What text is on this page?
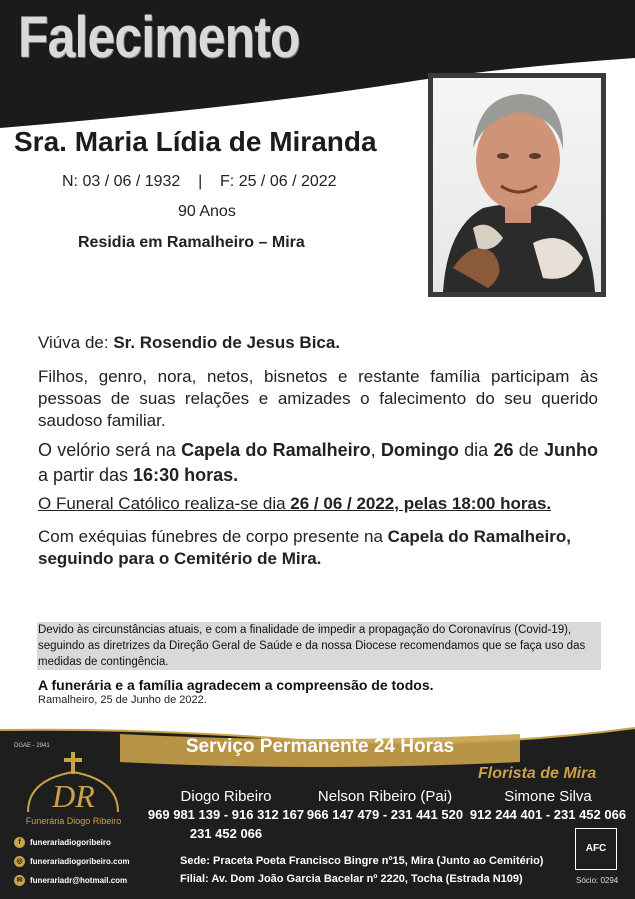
Falecimento
Sra. Maria Lídia de Miranda
N: 03 / 06 / 1932    |    F: 25 / 06 / 2022
90 Anos
Residia em Ramalheiro – Mira
Viúva de: Sr. Rosendio de Jesus Bica.
Filhos, genro, nora, netos, bisnetos e restante família participam às pessoas de suas relações e amizades o falecimento do seu querido saudoso familiar.
O velório será na Capela do Ramalheiro, Domingo dia 26 de Junho a partir das 16:30 horas.
O Funeral Católico realiza-se dia 26 / 06 / 2022, pelas 18:00 horas.
Com exéquias fúnebres de corpo presente na Capela do Ramalheiro,
seguindo para o Cemitério de Mira.
Devido às circunstâncias atuais, e com a finalidade de impedir a propagação do Coronavírus (Covid-19), seguindo as diretrizes da Direção Geral de Saúde e da nossa Diocese recomendamos que se faça uso das medidas de contingência.
A funerária e a família agradecem a compreensão de todos.
Ramalheiro, 25 de Junho de 2022.
DGAE - 2941	Serviço Permanente 24 Horas
DR
Funerária Diogo Ribeiro
Florista de Mira
Diogo Ribeiro
969 981 139 - 916 312 167
231 452 066
Nelson Ribeiro (Pai)
966 147 479 - 231 441 520
Simone Silva
912 244 401 - 231 452 066
f	funerariadiogoribeiro
◎ funerariadiogoribeiro.com
✉ funerariadr@hotmail.com
Sede: Praceta Poeta Francisco Bingre nº15, Mira (Junto ao Cemitério)
Filial: Av. Dom João Garcia Bacelar nº 2220, Tocha (Estrada N109)
AFC
Sócio: 0294
